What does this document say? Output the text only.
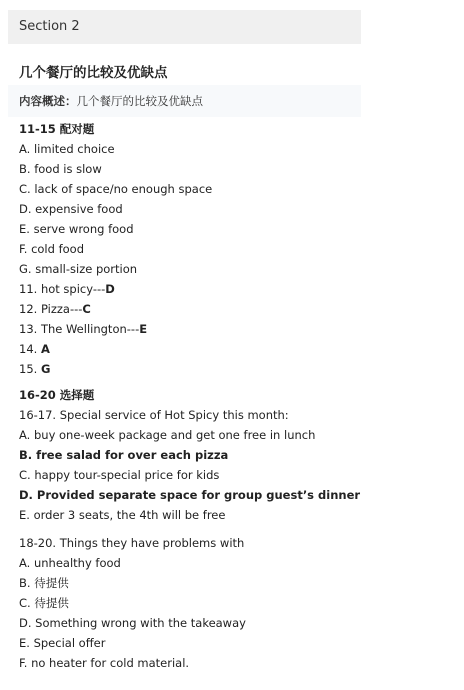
Section 2
几个餐厅的比较及优缺点
内容概述：几个餐厅的比较及优缺点
11-15 配对题
A. limited choice
B. food is slow
C. lack of space/no enough space
D. expensive food
E. serve wrong food
F. cold food
G. small-size portion
11. hot spicy---D
12. Pizza---C
13. The Wellington---E
14. A
15. G
16-20 选择题
16-17. Special service of Hot Spicy this month:
A. buy one-week package and get one free in lunch
B. free salad for over each pizza
C. happy tour-special price for kids
D. Provided separate space for group guest’s dinner
E. order 3 seats, the 4th will be free
18-20. Things they have problems with
A. unhealthy food
B. 待提供
C. 待提供
D. Something wrong with the takeaway
E. Special offer
F. no heater for cold material.
